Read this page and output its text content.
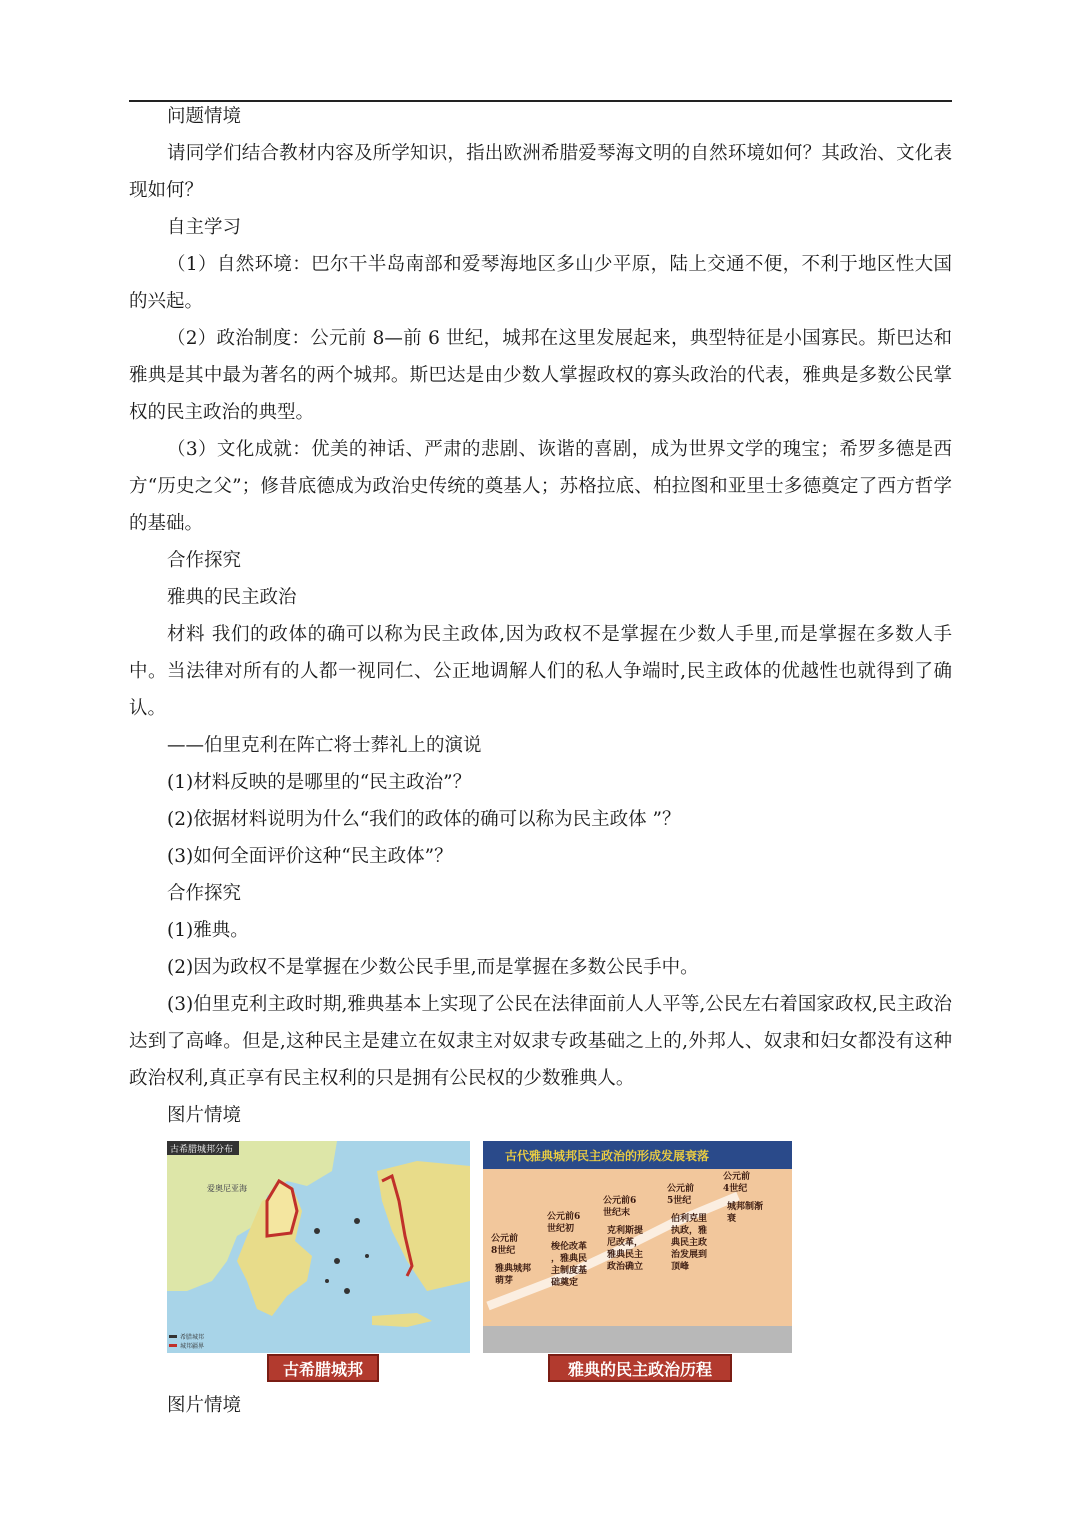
问题情境

请同学们结合教材内容及所学知识，指出欧洲希腊爱琴海文明的自然环境如何？其政治、文化表现如何？

自主学习

（1）自然环境：巴尔干半岛南部和爱琴海地区多山少平原，陆上交通不便，不利于地区性大国的兴起。

（2）政治制度：公元前 8—前 6 世纪，城邦在这里发展起来，典型特征是小国寡民。斯巴达和雅典是其中最为著名的两个城邦。斯巴达是由少数人掌握政权的寡头政治的代表，雅典是多数公民掌权的民主政治的典型。

（3）文化成就：优美的神话、严肃的悲剧、诙谐的喜剧，成为世界文学的瑰宝；希罗多德是西方“历史之父”；修昔底德成为政治史传统的奠基人；苏格拉底、柏拉图和亚里士多德奠定了西方哲学的基础。

合作探究

雅典的民主政治

材料 我们的政体的确可以称为民主政体,因为政权不是掌握在少数人手里,而是掌握在多数人手中。当法律对所有的人都一视同仁、公正地调解人们的私人争端时,民主政体的优越性也就得到了确认。

——伯里克利在阵亡将士葬礼上的演说

(1)材料反映的是哪里的“民主政治”？

(2)依据材料说明为什么“我们的政体的确可以称为民主政体 ”？

(3)如何全面评价这种“民主政体”？

合作探究

(1)雅典。

(2)因为政权不是掌握在少数公民手里,而是掌握在多数公民手中。

(3)伯里克利主政时期,雅典基本上实现了公民在法律面前人人平等,公民左右着国家政权,民主政治达到了高峰。但是,这种民主是建立在奴隶主对奴隶专政基础之上的,外邦人、奴隶和妇女都没有这种政治权利,真正享有民主权利的只是拥有公民权的少数雅典人。

图片情境

古希腊城邦分布
爱奥尼亚海
希腊城邦
城邦疆界
古希腊城邦
古代雅典城邦民主政治的形成发展衰落
公元前 8世纪
雅典城邦萌芽
公元前6 世纪初
梭伦改革，雅典民主制度基础奠定
公元前6 世纪末
克利斯提尼改革，雅典民主政治确立
公元前 5世纪
伯利克里执政，雅典民主政治发展到顶峰
公元前 4世纪
城邦制渐衰
雅典的民主政治历程

图片情境
